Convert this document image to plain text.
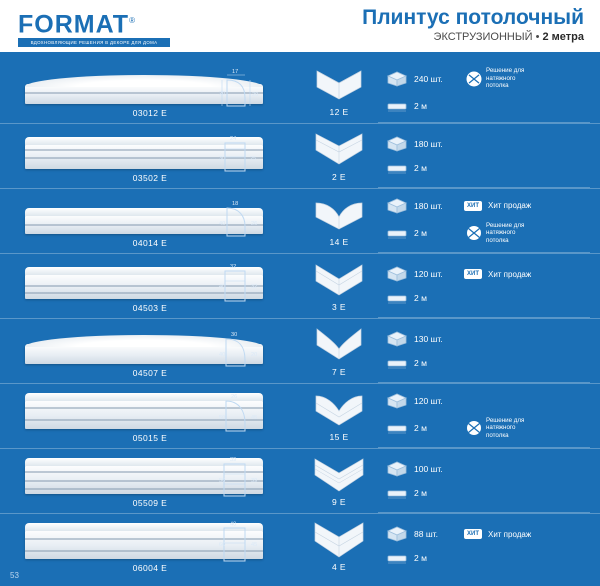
FORMAT®
ВДОХНОВЛЯЮЩИЕ РЕШЕНИЯ В ДЕКОРЕ ДЛЯ ДОМА
Плинтус потолочный
ЭКСТРУЗИОННЫЙ • 2 метра
17
20
20
03012 E	12 E
240 шт.
Решение для
натяжного
потолка
2 м
24
25
30
03502 E	2 E
180 шт.
2 м
18
26
40
04014 E	14 E
180 шт.	ХИТ	Хит продаж
2 м
Решение для
натяжного
потолка
32
32
40
04503 E	3 E
120 шт.	ХИТ	Хит продаж
2 м
30
20
40
04507 E	7 E
130 шт.
2 м
26
45
50
05015 E	15 E
120 шт.
2 м
Решение для
натяжного
потолка
39
39
50
05509 E	9 E
100 шт.
2 м
40
45
60
06004 E	4 E
88 шт.	ХИТ	Хит продаж
2 м
53
